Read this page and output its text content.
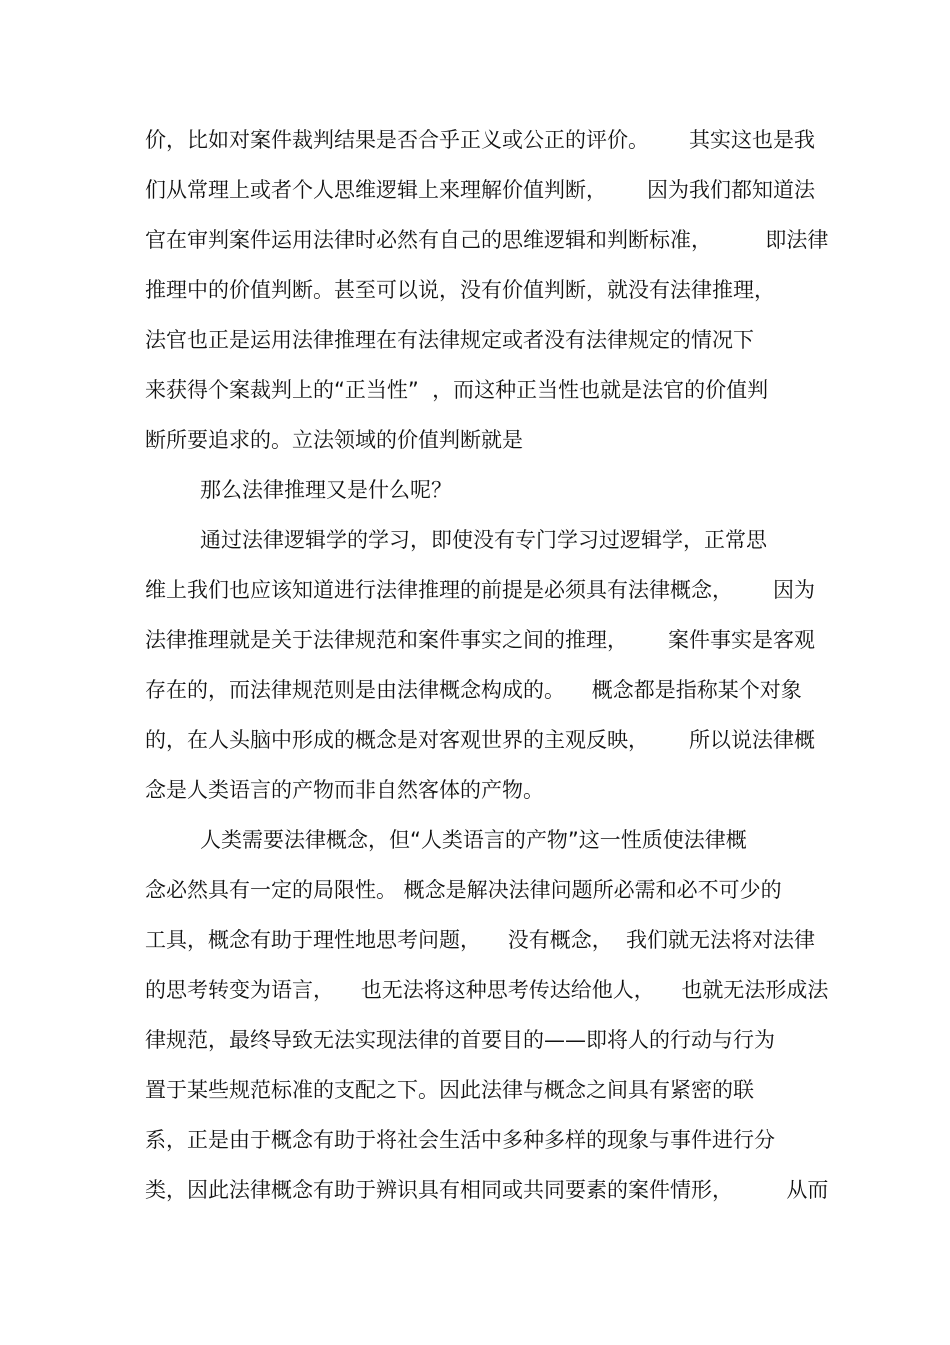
价，比如对案件裁判结果是否合乎正义或公正的评价。      其实这也是我
们从常理上或者个人思维逻辑上来理解价值判断，      因为我们都知道法
官在审判案件运用法律时必然有自己的思维逻辑和判断标准，        即法律
推理中的价值判断。甚至可以说，没有价值判断，就没有法律推理，
法官也正是运用法律推理在有法律规定或者没有法律规定的情况下
来获得个案裁判上的“正当性”  ，而这种正当性也就是法官的价值判
断所要追求的。立法领域的价值判断就是
那么法律推理又是什么呢？
通过法律逻辑学的学习，即使没有专门学习过逻辑学，正常思
维上我们也应该知道进行法律推理的前提是必须具有法律概念，      因为
法律推理就是关于法律规范和案件事实之间的推理，      案件事实是客观
存在的，而法律规范则是由法律概念构成的。    概念都是指称某个对象
的，在人头脑中形成的概念是对客观世界的主观反映，      所以说法律概
念是人类语言的产物而非自然客体的产物。
人类需要法律概念，但“人类语言的产物”这一性质使法律概
念必然具有一定的局限性。 概念是解决法律问题所必需和必不可少的
工具，概念有助于理性地思考问题，    没有概念，  我们就无法将对法律
的思考转变为语言，    也无法将这种思考传达给他人，    也就无法形成法
律规范，最终导致无法实现法律的首要目的——即将人的行动与行为
置于某些规范标准的支配之下。因此法律与概念之间具有紧密的联
系，正是由于概念有助于将社会生活中多种多样的现象与事件进行分
类，因此法律概念有助于辨识具有相同或共同要素的案件情形，        从而
